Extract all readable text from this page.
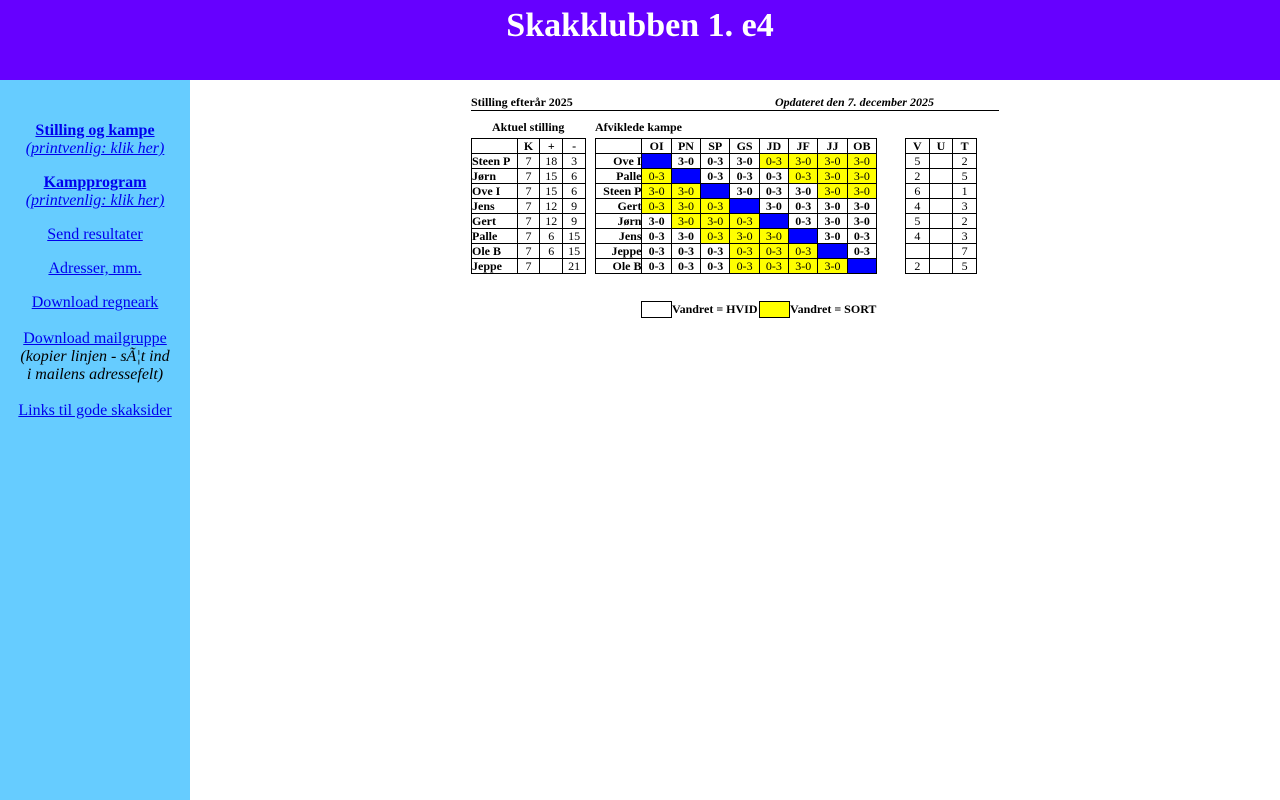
Skakklubben 1. e4
Stilling og kampe
(printvenlig: klik her)
Kampprogram
(printvenlig: klik her)
Send resultater
Adresser, mm.
Download regneark
Download mailgruppe
(kopier linjen - sÃ¦t ind
i mailens adressefelt)
Links til gode skaksider
Stilling efterår 2025	Opdateret den 7. december 2025
Aktuel stilling	Afviklede kampe
	K	+	-
Steen P	7	18	3
Jørn	7	15	6
Ove I	7	15	6
Jens	7	12	9
Gert	7	12	9
Palle	7	6	15
Ole B	7	6	15
Jeppe	7		21
	OI	PN	SP	GS	JD	JF	JJ	OB
Ove I		3-0	0-3	3-0	0-3	3-0	3-0	3-0
Palle	0-3		0-3	0-3	0-3	0-3	3-0	3-0
Steen P	3-0	3-0		3-0	0-3	3-0	3-0	3-0
Gert	0-3	3-0	0-3		3-0	0-3	3-0	3-0
Jørn	3-0	3-0	3-0	0-3		0-3	3-0	3-0
Jens	0-3	3-0	0-3	3-0	3-0		3-0	0-3
Jeppe	0-3	0-3	0-3	0-3	0-3	0-3		0-3
Ole B	0-3	0-3	0-3	0-3	0-3	3-0	3-0	
V	U	T
5		2
2		5
6		1
4		3
5		2
4		3
		7
2		5
Vandret = HVID	Vandret = SORT
